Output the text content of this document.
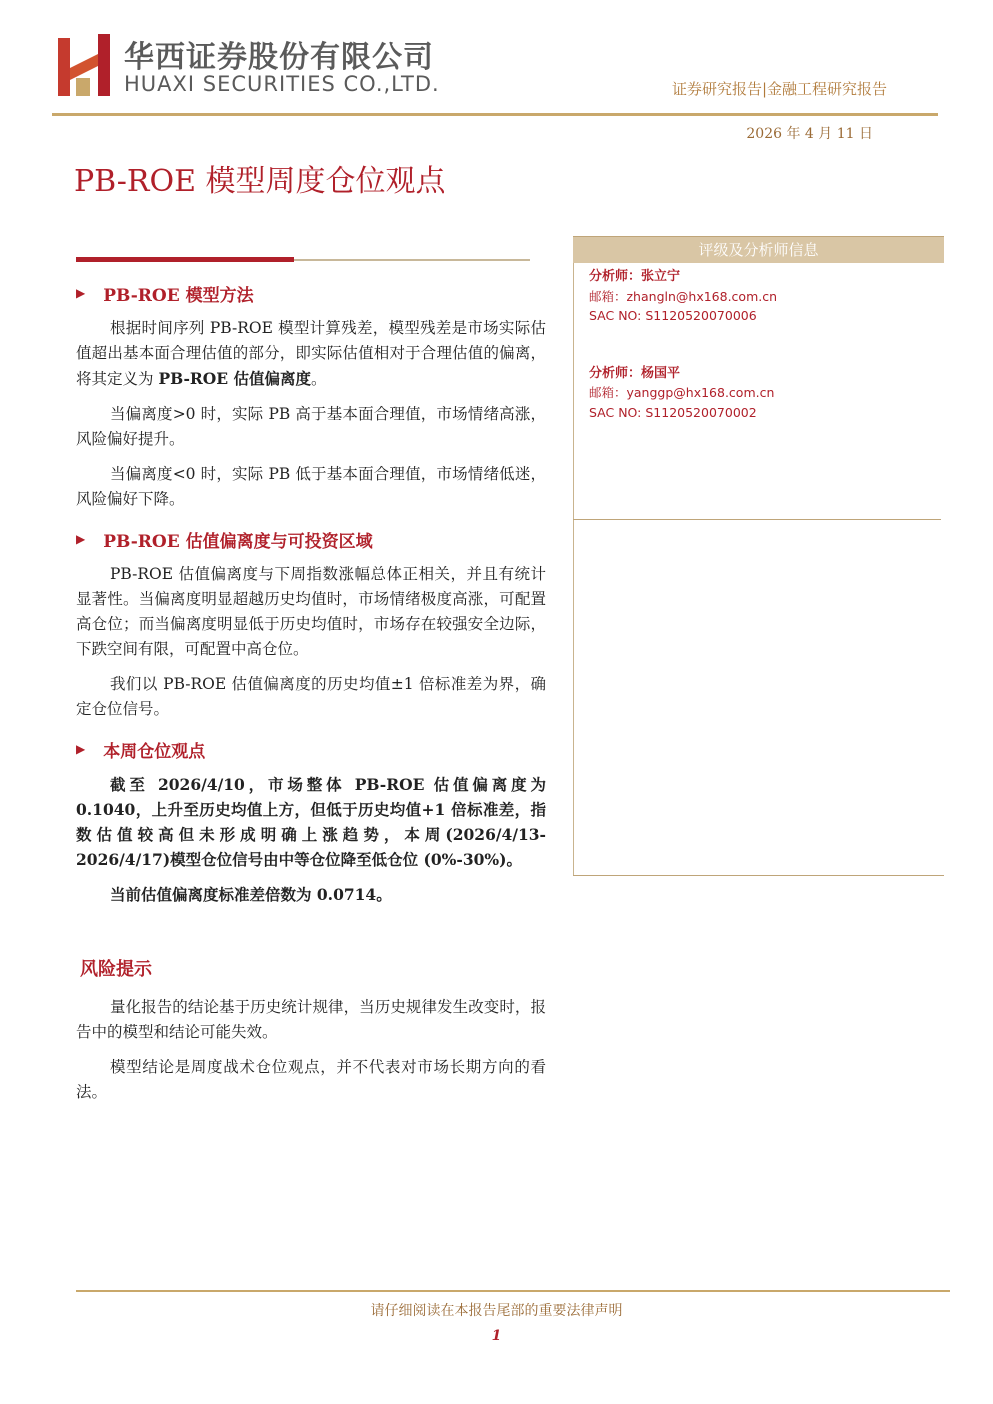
华西证券股份有限公司
HUAXI SECURITIES CO.,LTD.	证券研究报告|金融工程研究报告
2026 年 4 月 11 日
PB-ROE 模型周度仓位观点
▶ PB-ROE 模型方法

根据时间序列 PB-ROE 模型计算残差，模型残差是市场实际估值超出基本面合理估值的部分，即实际估值相对于合理估值的偏离，将其定义为 PB-ROE 估值偏离度。

当偏离度>0 时，实际 PB 高于基本面合理值，市场情绪高涨，风险偏好提升。

当偏离度<0 时，实际 PB 低于基本面合理值，市场情绪低迷，风险偏好下降。

▶ PB-ROE 估值偏离度与可投资区域

PB-ROE 估值偏离度与下周指数涨幅总体正相关，并且有统计显著性。当偏离度明显超越历史均值时，市场情绪极度高涨，可配置高仓位；而当偏离度明显低于历史均值时，市场存在较强安全边际，下跌空间有限，可配置中高仓位。

我们以 PB-ROE 估值偏离度的历史均值±1 倍标准差为界，确定仓位信号。

▶ 本周仓位观点

截至 2026/4/10，市场整体 PB-ROE 估值偏离度为 0.1040，上升至历史均值上方，但低于历史均值+1 倍标准差，指数估值较高但未形成明确上涨趋势，本周(2026/4/13-2026/4/17)模型仓位信号由中等仓位降至低仓位 (0%-30%)。

当前估值偏离度标准差倍数为 0.0714。

风险提示

量化报告的结论基于历史统计规律，当历史规律发生改变时，报告中的模型和结论可能失效。

模型结论是周度战术仓位观点，并不代表对市场长期方向的看法。

评级及分析师信息
分析师：张立宁
邮箱：zhangln@hx168.com.cn
SAC NO: S1120520070006
分析师：杨国平
邮箱：yanggp@hx168.com.cn
SAC NO: S1120520070002
请仔细阅读在本报告尾部的重要法律声明
1
